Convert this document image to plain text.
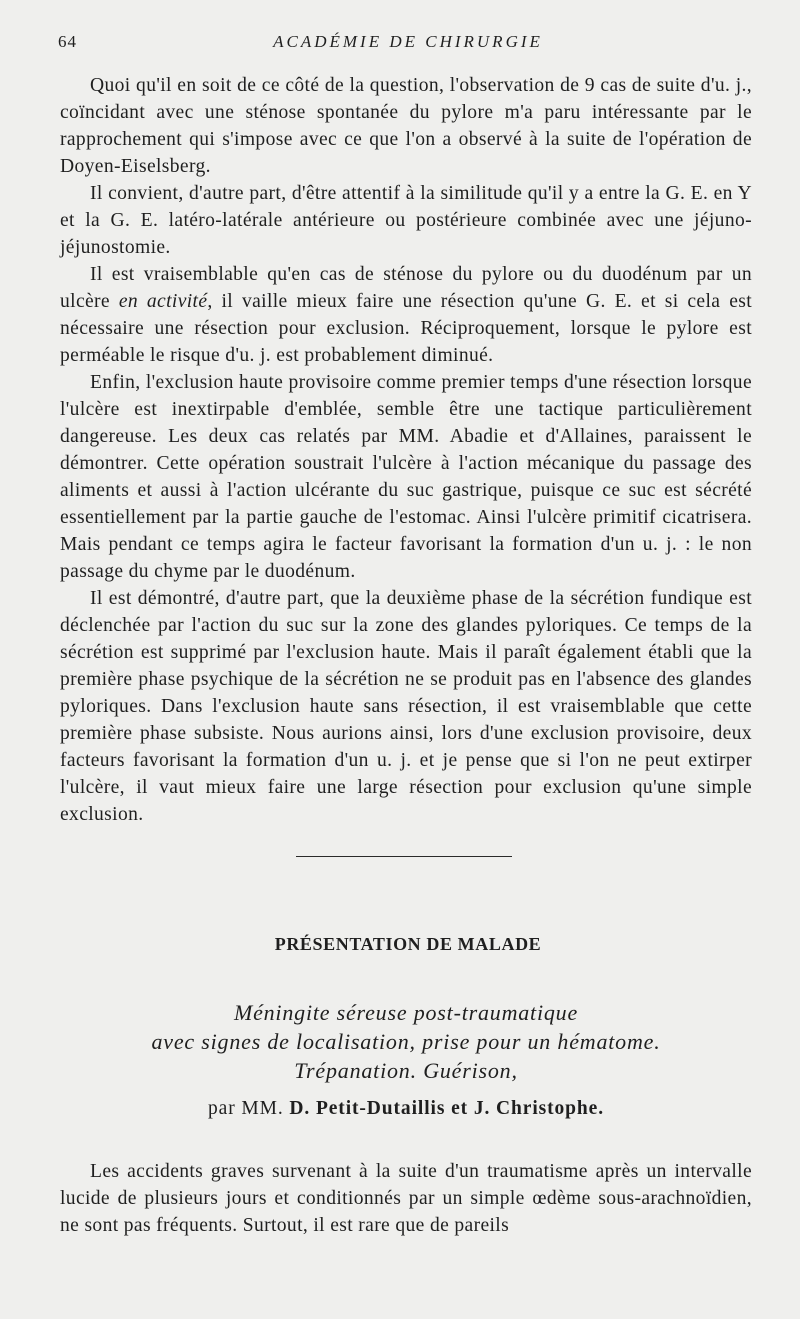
64	ACADÉMIE DE CHIRURGIE

Quoi qu'il en soit de ce côté de la question, l'observation de 9 cas de suite d'u. j., coïncidant avec une sténose spontanée du pylore m'a paru intéressante par le rapprochement qui s'impose avec ce que l'on a observé à la suite de l'opération de Doyen-Eiselsberg.

Il convient, d'autre part, d'être attentif à la similitude qu'il y a entre la G. E. en Y et la G. E. latéro-latérale antérieure ou postérieure combinée avec une jéjuno-jéjunostomie.

Il est vraisemblable qu'en cas de sténose du pylore ou du duodénum par un ulcère en activité, il vaille mieux faire une résection qu'une G. E. et si cela est nécessaire une résection pour exclusion. Réciproquement, lorsque le pylore est perméable le risque d'u. j. est probablement diminué.

Enfin, l'exclusion haute provisoire comme premier temps d'une résection lorsque l'ulcère est inextirpable d'emblée, semble être une tactique particulièrement dangereuse. Les deux cas relatés par MM. Abadie et d'Allaines, paraissent le démontrer. Cette opération soustrait l'ulcère à l'action mécanique du passage des aliments et aussi à l'action ulcérante du suc gastrique, puisque ce suc est sécrété essentiellement par la partie gauche de l'estomac. Ainsi l'ulcère primitif cicatrisera. Mais pendant ce temps agira le facteur favorisant la formation d'un u. j. : le non passage du chyme par le duodénum.

Il est démontré, d'autre part, que la deuxième phase de la sécrétion fundique est déclenchée par l'action du suc sur la zone des glandes pyloriques. Ce temps de la sécrétion est supprimé par l'exclusion haute. Mais il paraît également établi que la première phase psychique de la sécrétion ne se produit pas en l'absence des glandes pyloriques. Dans l'exclusion haute sans résection, il est vraisemblable que cette première phase subsiste. Nous aurions ainsi, lors d'une exclusion provisoire, deux facteurs favorisant la formation d'un u. j. et je pense que si l'on ne peut extirper l'ulcère, il vaut mieux faire une large résection pour exclusion qu'une simple exclusion.

PRÉSENTATION DE MALADE
Méningite séreuse post-traumatique
avec signes de localisation, prise pour un hématome.
Trépanation. Guérison,
par MM. D. Petit-Dutaillis et J. Christophe.

Les accidents graves survenant à la suite d'un traumatisme après un intervalle lucide de plusieurs jours et conditionnés par un simple œdème sous-arachnoïdien, ne sont pas fréquents. Surtout, il est rare que de pareils
